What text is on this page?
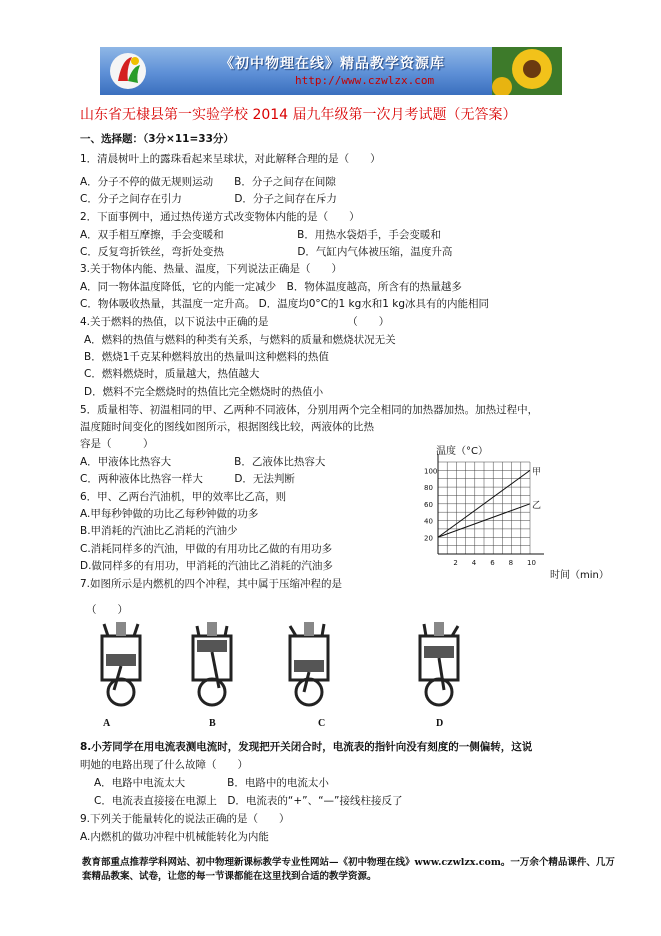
《初中物理在线》精品教学资源库
http://www.czwlzx.com
山东省无棣县第一实验学校 2014 届九年级第一次月考试题（无答案）
一、选择题：（3分×11=33分）
1．清晨树叶上的露珠看起来呈球状，对此解释合理的是（　　）
A．分子不停的做无规则运动　　B．分子之间存在间隙
C．分子之间存在引力　　　　　D．分子之间存在斥力
2．下面事例中，通过热传递方式改变物体内能的是（　　）
A．双手相互摩擦，手会变暖和　　　　　　　B．用热水袋焐手，手会变暖和
C．反复弯折铁丝，弯折处变热　　　　　　　D．气缸内气体被压缩，温度升高
3.关于物体内能、热量、温度，下列说法正确是（　　）
A．同一物体温度降低，它的内能一定减少　B．物体温度越高，所含有的热量越多
C．物体吸收热量，其温度一定升高。 D．温度均0°C的1 kg水和1 kg冰具有的内能相同
4.关于燃料的热值，以下说法中正确的是　　　　　　　　（　　）
A．燃料的热值与燃料的种类有关系，与燃料的质量和燃烧状况无关
B．燃烧1千克某种燃料放出的热量叫这种燃料的热值
C．燃料燃烧时，质量越大，热值越大
D．燃料不完全燃烧时的热值比完全燃烧时的热值小
5．质量相等、初温相同的甲、乙两种不同液体，分别用两个完全相同的加热器加热。加热过程中，
温度随时间变化的图线如图所示，根据图线比较，两液体的比热
容是（　　　）
A．甲液体比热容大　　　　　　B．乙液体比热容大
C．两种液体比热容一样大　　　D．无法判断
6．甲、乙两台汽油机，甲的效率比乙高，则
A.甲每秒钟做的功比乙每秒钟做的功多
B.甲消耗的汽油比乙消耗的汽油少
C.消耗同样多的汽油，甲做的有用功比乙做的有用功多
D.做同样多的有用功，甲消耗的汽油比乙消耗的汽油多
7.如图所示是内燃机的四个冲程，其中属于压缩冲程的是
（　　）
温度（°C）
2 4 6 8 10
20
40
60
80
100	甲
乙
时间（min）
A	B	C	D
8.小芳同学在用电流表测电流时，发现把开关闭合时，电流表的指针向没有刻度的一侧偏转，这说
明她的电路出现了什么故障（　　）
A．电路中电流太大　　　　B．电路中的电流太小
C．电流表直接接在电源上　D．电流表的“+”、“—”接线柱接反了
9.下列关于能量转化的说法正确的是（　　）
A.内燃机的做功冲程中机械能转化为内能
教育部重点推荐学科网站、初中物理新课标教学专业性网站—《初中物理在线》www.czwlzx.com。一万余个精品课件、几万套精品教案、试卷，让您的每一节课都能在这里找到合适的教学资源。
